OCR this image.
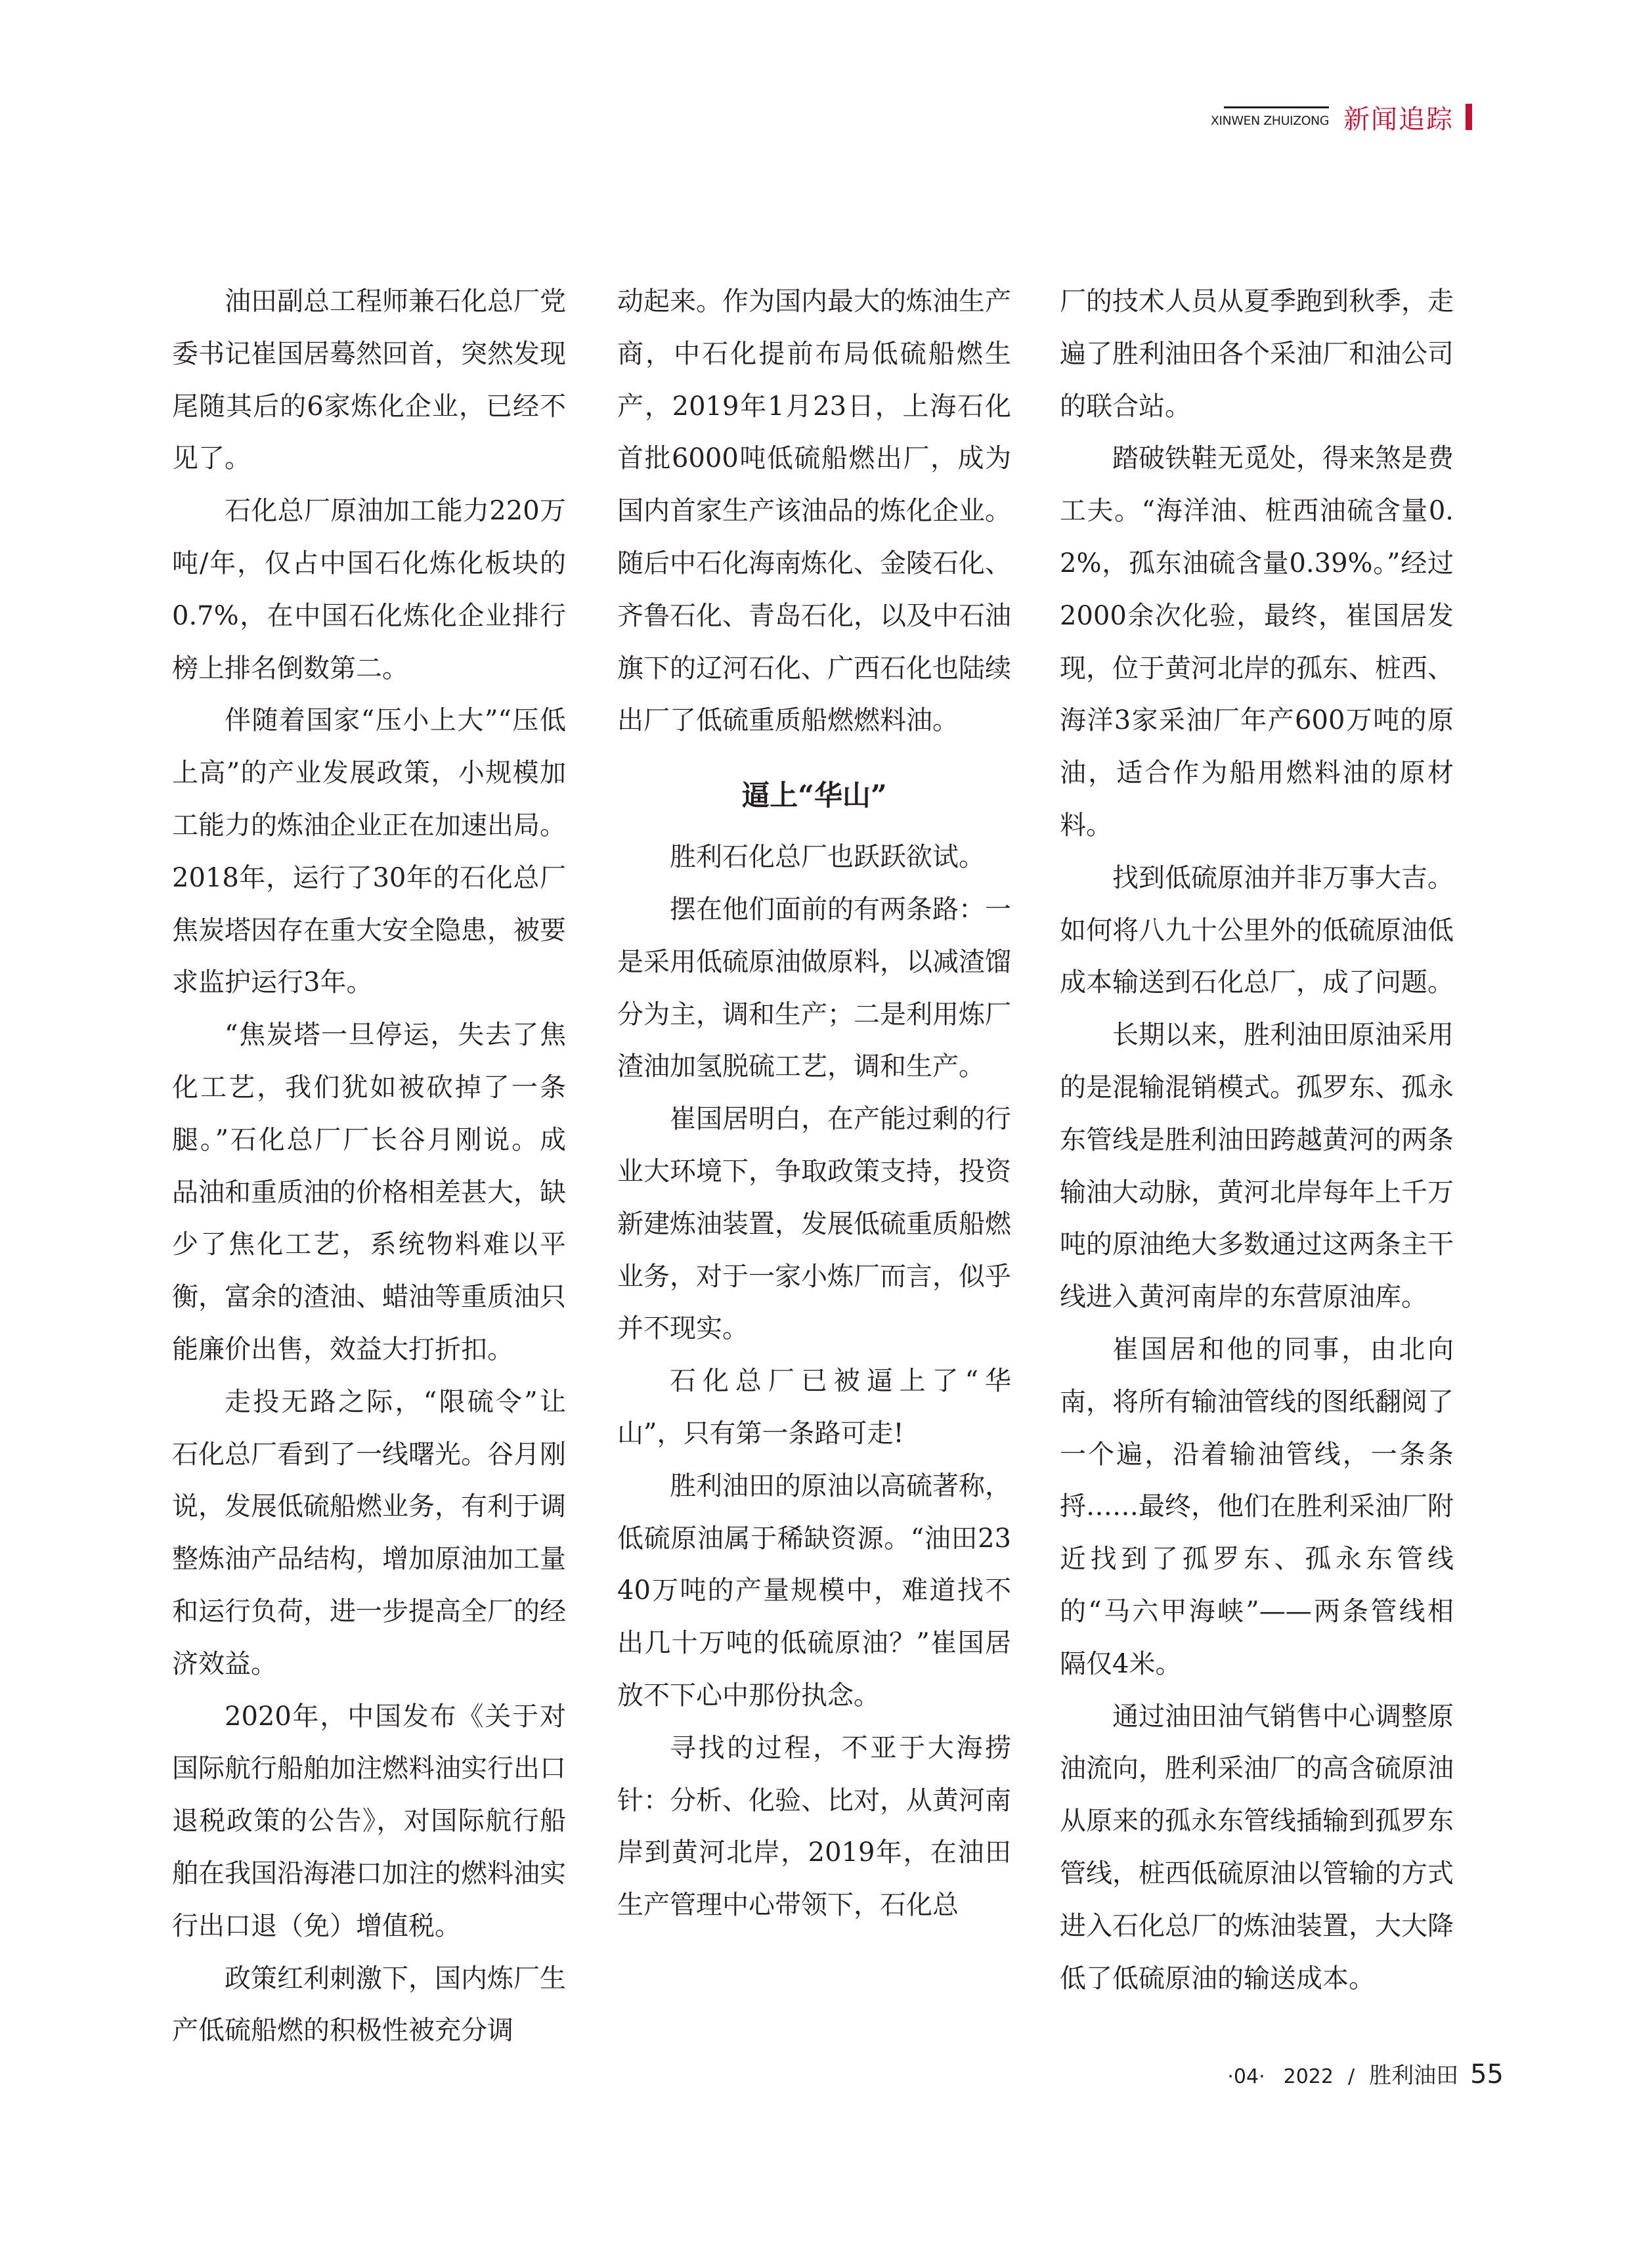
XINWEN ZHUIZONG 新闻追踪

油田副总工程师兼石化总厂党委书记崔国居蓦然回首，突然发现尾随其后的6家炼化企业，已经不见了。

石化总厂原油加工能力220万吨/年，仅占中国石化炼化板块的0.7%，在中国石化炼化企业排行榜上排名倒数第二。

伴随着国家“压小上大”“压低上高”的产业发展政策，小规模加工能力的炼油企业正在加速出局。2018年，运行了30年的石化总厂焦炭塔因存在重大安全隐患，被要求监护运行3年。

“焦炭塔一旦停运，失去了焦化工艺，我们犹如被砍掉了一条腿。”石化总厂厂长谷月刚说。成品油和重质油的价格相差甚大，缺少了焦化工艺，系统物料难以平衡，富余的渣油、蜡油等重质油只能廉价出售，效益大打折扣。

走投无路之际，“限硫令”让石化总厂看到了一线曙光。谷月刚说，发展低硫船燃业务，有利于调整炼油产品结构，增加原油加工量和运行负荷，进一步提高全厂的经济效益。

2020年，中国发布《关于对国际航行船舶加注燃料油实行出口退税政策的公告》，对国际航行船舶在我国沿海港口加注的燃料油实行出口退（免）增值税。

政策红利刺激下，国内炼厂生产低硫船燃的积极性被充分调

动起来。作为国内最大的炼油生产商，中石化提前布局低硫船燃生产，2019年1月23日，上海石化首批6000吨低硫船燃出厂，成为国内首家生产该油品的炼化企业。随后中石化海南炼化、金陵石化、齐鲁石化、青岛石化，以及中石油旗下的辽河石化、广西石化也陆续出厂了低硫重质船燃燃料油。

逼上“华山”

胜利石化总厂也跃跃欲试。

摆在他们面前的有两条路：一是采用低硫原油做原料，以减渣馏分为主，调和生产；二是利用炼厂渣油加氢脱硫工艺，调和生产。

崔国居明白，在产能过剩的行业大环境下，争取政策支持，投资新建炼油装置，发展低硫重质船燃业务，对于一家小炼厂而言，似乎并不现实。

石化总厂已被逼上了“华山”，只有第一条路可走!

胜利油田的原油以高硫著称，低硫原油属于稀缺资源。“油田2340万吨的产量规模中，难道找不出几十万吨的低硫原油？”崔国居放不下心中那份执念。

寻找的过程，不亚于大海捞针：分析、化验、比对，从黄河南岸到黄河北岸，2019年，在油田生产管理中心带领下，石化总

厂的技术人员从夏季跑到秋季，走遍了胜利油田各个采油厂和油公司的联合站。

踏破铁鞋无觅处，得来煞是费工夫。“海洋油、桩西油硫含量0.2%，孤东油硫含量0.39%。”经过2000余次化验，最终，崔国居发现，位于黄河北岸的孤东、桩西、海洋3家采油厂年产600万吨的原油，适合作为船用燃料油的原材料。

找到低硫原油并非万事大吉。如何将八九十公里外的低硫原油低成本输送到石化总厂，成了问题。

长期以来，胜利油田原油采用的是混输混销模式。孤罗东、孤永东管线是胜利油田跨越黄河的两条输油大动脉，黄河北岸每年上千万吨的原油绝大多数通过这两条主干线进入黄河南岸的东营原油库。

崔国居和他的同事，由北向南，将所有输油管线的图纸翻阅了一个遍，沿着输油管线，一条条捋……最终，他们在胜利采油厂附近找到了孤罗东、孤永东管线的“马六甲海峡”——两条管线相隔仅4米。

通过油田油气销售中心调整原油流向，胜利采油厂的高含硫原油从原来的孤永东管线插输到孤罗东管线，桩西低硫原油以管输的方式进入石化总厂的炼油装置，大大降低了低硫原油的输送成本。

·04· 2022 / 胜利油田 55
